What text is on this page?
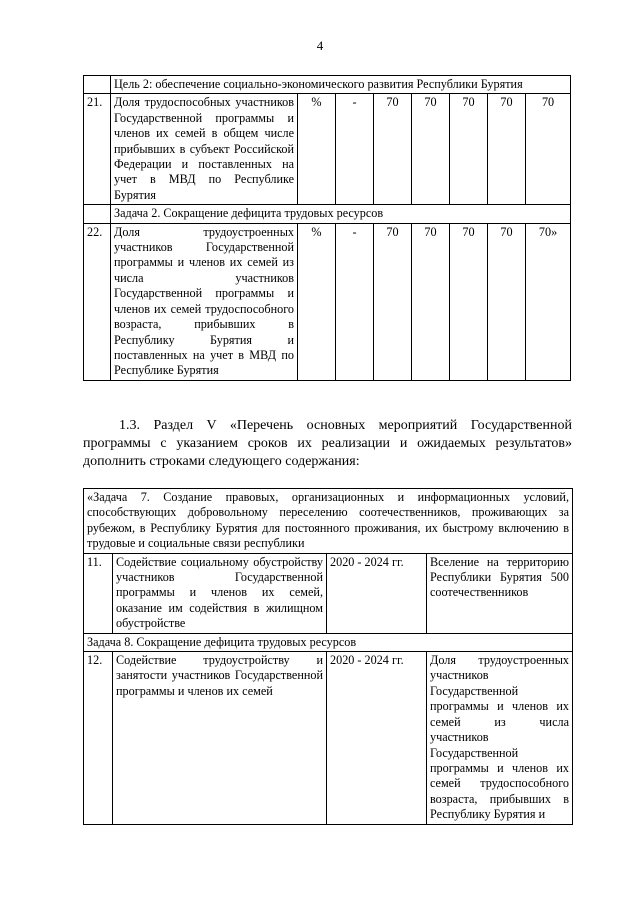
4
	Цель 2: обеспечение социально-экономического развития Республики Бурятия							
21.	Доля трудоспособных участников Государственной программы и членов их семей в общем числе прибывших в субъект Российской Федерации и поставленных на учет в МВД по Республике Бурятия	%	-	70	70	70	70	70
	Задача 2. Сокращение дефицита трудовых ресурсов							
22.	Доля трудоустроенных участников Государственной программы и членов их семей из числа участников Государственной программы и членов их семей трудоспособного возраста, прибывших в Республику Бурятия и поставленных на учет в МВД по Республике Бурятия	%	-	70	70	70	70	70»
1.3. Раздел V «Перечень основных мероприятий Государственной программы с указанием сроков их реализации и ожидаемых результатов» дополнить строками следующего содержания:
«Задача 7. Создание правовых, организационных и информационных условий, способствующих добровольному переселению соотечественников, проживающих за рубежом, в Республику Бурятия для постоянного проживания, их быстрому включению в трудовые и социальные связи республики			
11.	Содействие социальному обустройству участников Государственной программы и членов их семей, оказание им содействия в жилищном обустройстве	2020 - 2024 гг.	Вселение на территорию Республики Бурятия 500 соотечественников
Задача 8. Сокращение дефицита трудовых ресурсов			
12.	Содействие трудоустройству и занятости участников Государственной программы и членов их семей	2020 - 2024 гг.	Доля трудоустроенных участников Государственной программы и членов их семей из числа участников Государственной программы и членов их семей трудоспособного возраста, прибывших в Республику Бурятия и
